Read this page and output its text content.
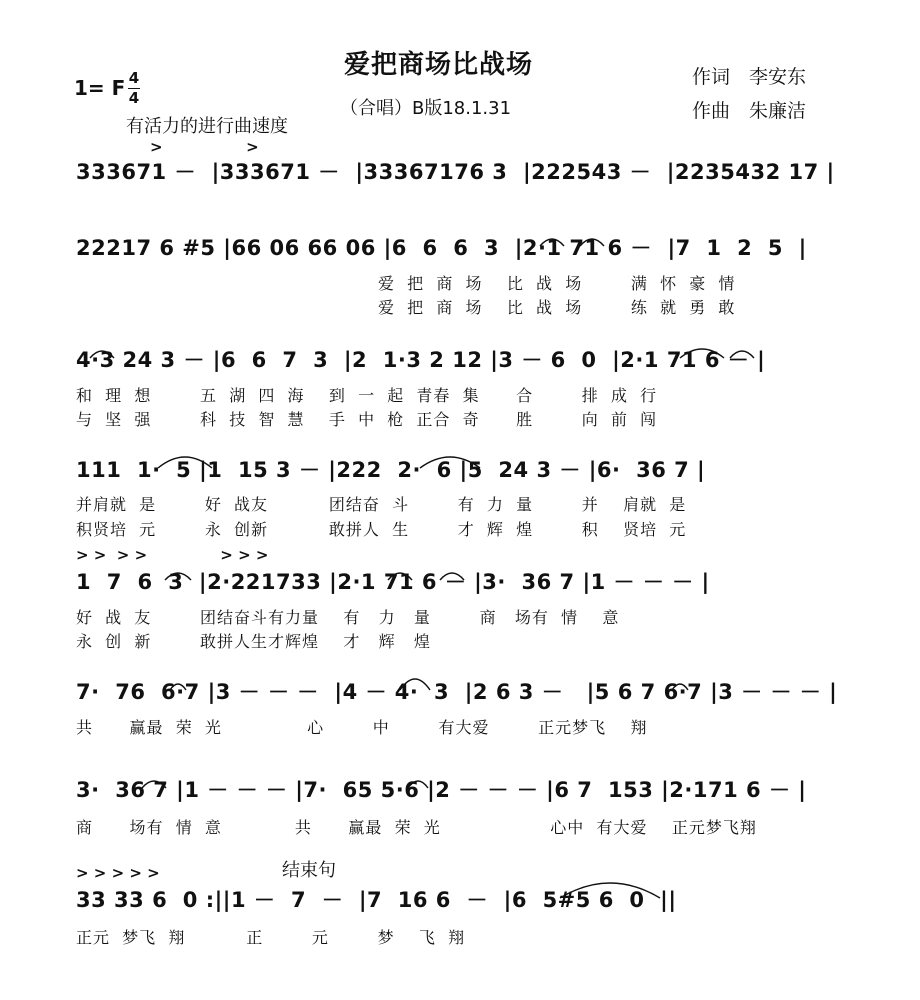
爱把商场比战场
（合唱）B版18.1.31
作词　李安东
作曲　朱廉洁
1= F 4
4
有活力的进行曲速度
>                >
333671 －  |333671 －  |33367176 3  |222543 －  |2235432 17 |
22217 6 #5 |66 06 66 06 |6  6  6  3  |2·1 71 6 －  |7  1  2  5  |
爱  把  商  场    比  战  场        满  怀  豪  情
爱  把  商  场    比  战  场        练  就  勇  敢
4·3 24 3 － |6  6  7  3  |2  1·3 2 12 |3 － 6  0  |2·1 71 6 － |
和  理  想        五  湖  四  海    到  一  起  青春  集      合        排  成  行
与  坚  强        科  技  智  慧    手  中  枪  正合  奇      胜        向  前  闯
111  1·  5 |1  15 3 － |222  2·  6 |5  24 3 － |6·  36 7 |
并肩就  是        好  战友          团结奋  斗        有  力  量        并    肩就  是
积贤培  元        永  创新          敢拼人  生        才  辉  煌        积    贤培  元
> >  > >              > > >
1  7  6  3  |2·221733 |2·1 71 6 － |3·  36 7 |1 － － － |
好  战  友        团结奋斗有力量    有   力   量        商   场有  情    意
永  创  新        敢拼人生才辉煌    才   辉   煌
7·  76  6·7 |3 － － －  |4 － 4·  3  |2 6 3 －   |5 6 7 6·7 |3 － － － |
共      赢最  荣  光              心        中        有大爱        正元梦飞    翔
3·  36 7 |1 － － － |7·  65 5·6 |2 － － － |6 7  153 |2·171 6 － |
商      场有  情  意            共      赢最  荣  光                  心中  有大爱    正元梦飞翔
结束句
> > > > >
33 33 6  0 :||1 －  7  －  |7  16 6  －  |6  5#5 6  0  ||
正元  梦飞  翔          正        元        梦    飞  翔
